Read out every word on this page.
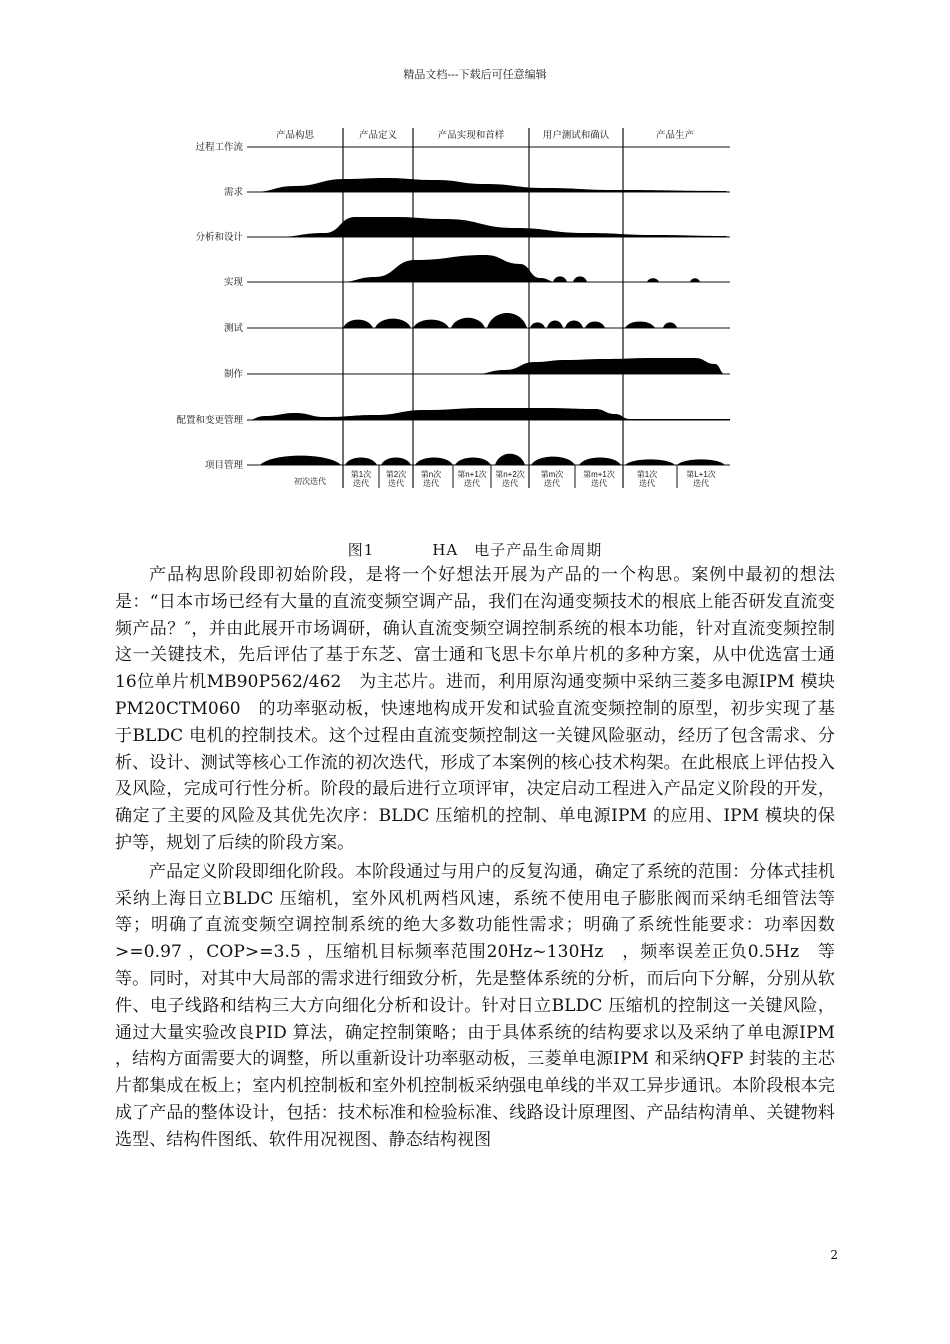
精品文档---下载后可任意编辑
产品构思	产品定义	产品实现和首样	用户测试和确认	产品生产
过程工作流
需求
分析和设计
实现
测试
制作
配置和变更管理
项目管理
初次迭代
第1次
迭代
第2次
迭代
第n次
迭代
第n+1次
迭代
第n+2次
迭代
第m次
迭代
第m+1次
迭代
第1次
迭代
第L+1次
迭代
图1	HA　电子产品生命周期

产品构思阶段即初始阶段，是将一个好想法开展为产品的一个构思。案例中最初的想法是：“日本市场已经有大量的直流变频空调产品，我们在沟通变频技术的根底上能否研发直流变频产品？″，并由此展开市场调研，确认直流变频空调控制系统的根本功能，针对直流变频控制这一关键技术，先后评估了基于东芝、富士通和飞思卡尔单片机的多种方案，从中优选富士通16位单片机MB90P562/462　为主芯片。进而，利用原沟通变频中采纳三菱多电源IPM 模块PM20CTM060　的功率驱动板，快速地构成开发和试验直流变频控制的原型，初步实现了基于BLDC 电机的控制技术。这个过程由直流变频控制这一关键风险驱动，经历了包含需求、分析、设计、测试等核心工作流的初次迭代，形成了本案例的核心技术构架。在此根底上评估投入及风险，完成可行性分析。阶段的最后进行立项评审，决定启动工程进入产品定义阶段的开发，确定了主要的风险及其优先次序：BLDC 压缩机的控制、单电源IPM 的应用、IPM 模块的保护等，规划了后续的阶段方案。

产品定义阶段即细化阶段。本阶段通过与用户的反复沟通，确定了系统的范围：分体式挂机采纳上海日立BLDC 压缩机，室外风机两档风速，系统不使用电子膨胀阀而采纳毛细管法等等；明确了直流变频空调控制系统的绝大多数功能性需求；明确了系统性能要求：功率因数>=0.97 ，COP>=3.5 ，压缩机目标频率范围20Hz~130Hz　，频率误差正负0.5Hz　等等。同时，对其中大局部的需求进行细致分析，先是整体系统的分析，而后向下分解，分别从软件、电子线路和结构三大方向细化分析和设计。针对日立BLDC 压缩机的控制这一关键风险，通过大量实验改良PID 算法，确定控制策略；由于具体系统的结构要求以及采纳了单电源IPM ，结构方面需要大的调整，所以重新设计功率驱动板，三菱单电源IPM 和采纳QFP 封装的主芯片都集成在板上；室内机控制板和室外机控制板采纳强电单线的半双工异步通讯。本阶段根本完成了产品的整体设计，包括：技术标准和检验标准、线路设计原理图、产品结构清单、关键物料选型、结构件图纸、软件用况视图、静态结构视图

2
